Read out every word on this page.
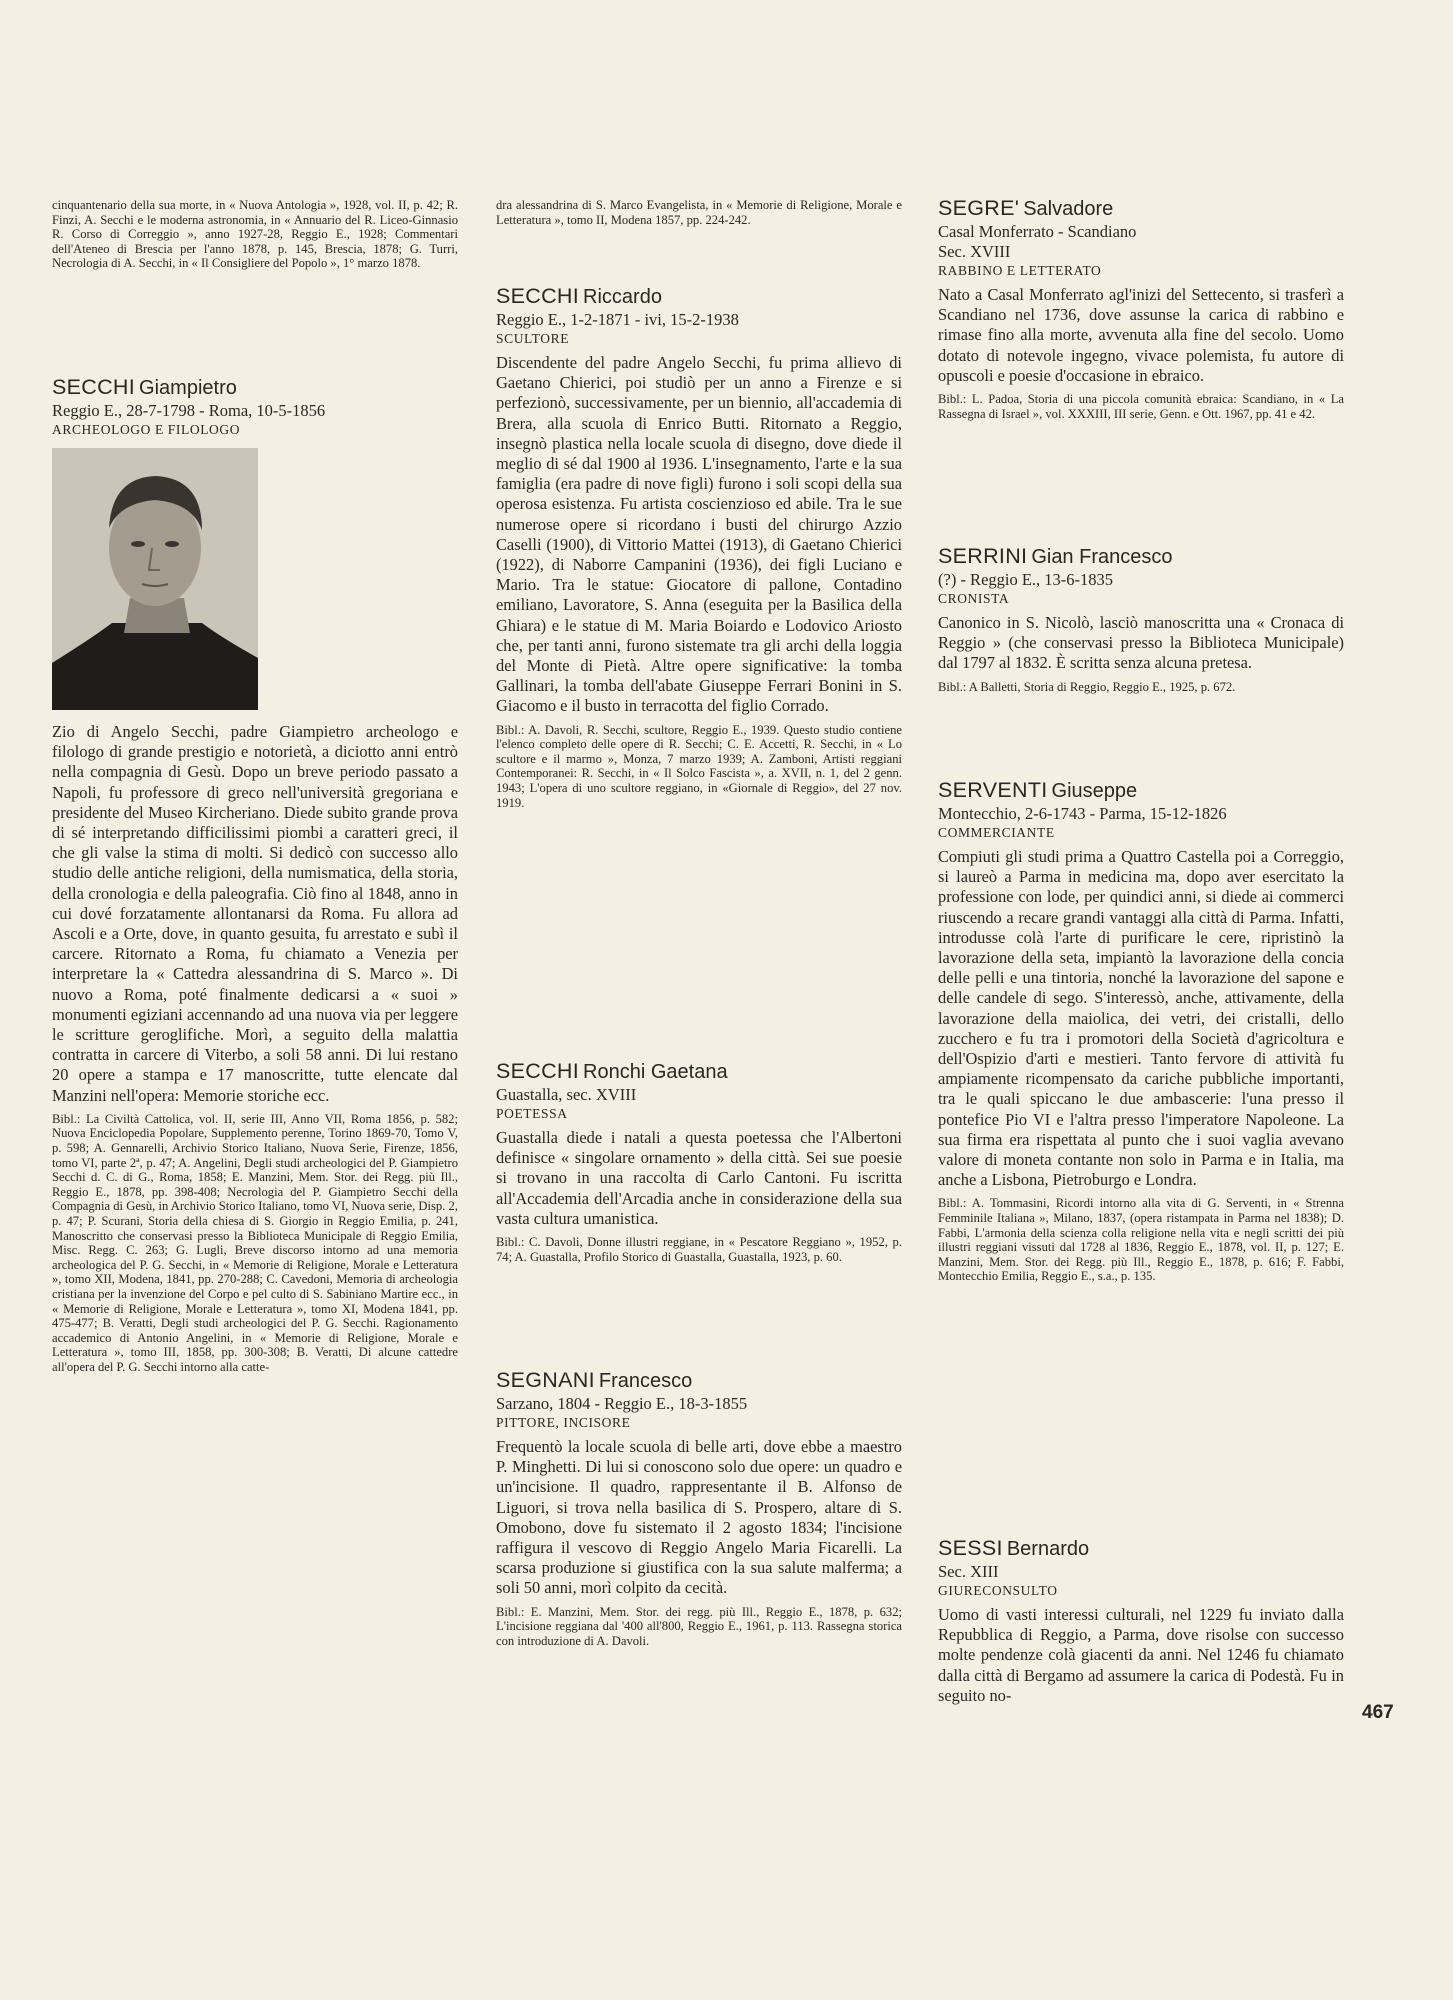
cinquantenario della sua morte, in « Nuova Antologia », 1928, vol. II, p. 42; R. Finzi, A. Secchi e le moderna astronomia, in « Annuario del R. Liceo-Ginnasio R. Corso di Correggio », anno 1927-28, Reggio E., 1928; Commentari dell'Ateneo di Brescia per l'anno 1878, p. 145, Brescia, 1878; G. Turri, Necrologia di A. Secchi, in « Il Consigliere del Popolo », 1° marzo 1878.

SECCHI Giampietro

Reggio E., 28-7-1798 - Roma, 10-5-1856

ARCHEOLOGO E FILOLOGO

Zio di Angelo Secchi, padre Giampietro archeologo e filologo di grande prestigio e notorietà, a diciotto anni entrò nella compagnia di Gesù. Dopo un breve periodo passato a Napoli, fu professore di greco nell'università gregoriana e presidente del Museo Kircheriano. Diede subito grande prova di sé interpretando difficilissimi piombi a caratteri greci, il che gli valse la stima di molti. Si dedicò con successo allo studio delle antiche religioni, della numismatica, della storia, della cronologia e della paleografia. Ciò fino al 1848, anno in cui dové forzatamente allontanarsi da Roma. Fu allora ad Ascoli e a Orte, dove, in quanto gesuita, fu arrestato e subì il carcere. Ritornato a Roma, fu chiamato a Venezia per interpretare la « Cattedra alessandrina di S. Marco ». Di nuovo a Roma, poté finalmente dedicarsi a « suoi » monumenti egiziani accennando ad una nuova via per leggere le scritture geroglifiche. Morì, a seguito della malattia contratta in carcere di Viterbo, a soli 58 anni. Di lui restano 20 opere a stampa e 17 manoscritte, tutte elencate dal Manzini nell'opera: Memorie storiche ecc.

Bibl.: La Civiltà Cattolica, vol. II, serie III, Anno VII, Roma 1856, p. 582; Nuova Enciclopedia Popolare, Supplemento perenne, Torino 1869-70, Tomo V, p. 598; A. Gennarelli, Archivio Storico Italiano, Nuova Serie, Firenze, 1856, tomo VI, parte 2ª, p. 47; A. Angelini, Degli studi archeologici del P. Giampietro Secchi d. C. di G., Roma, 1858; E. Manzini, Mem. Stor. dei Regg. più Ill., Reggio E., 1878, pp. 398-408; Necrologia del P. Giampietro Secchi della Compagnia di Gesù, in Archivio Storico Italiano, tomo VI, Nuova serie, Disp. 2, p. 47; P. Scurani, Storia della chiesa di S. Giorgio in Reggio Emilia, p. 241, Manoscritto che conservasi presso la Biblioteca Municipale di Reggio Emilia, Misc. Regg. C. 263; G. Lugli, Breve discorso intorno ad una memoria archeologica del P. G. Secchi, in « Memorie di Religione, Morale e Letteratura », tomo XII, Modena, 1841, pp. 270-288; C. Cavedoni, Memoria di archeologia cristiana per la invenzione del Corpo e pel culto di S. Sabiniano Martire ecc., in « Memorie di Religione, Morale e Letteratura », tomo XI, Modena 1841, pp. 475-477; B. Veratti, Degli studi archeologici del P. G. Secchi. Ragionamento accademico di Antonio Angelini, in « Memorie di Religione, Morale e Letteratura », tomo III, 1858, pp. 300-308; B. Veratti, Di alcune cattedre all'opera del P. G. Secchi intorno alla catte-

dra alessandrina di S. Marco Evangelista, in « Memorie di Religione, Morale e Letteratura », tomo II, Modena 1857, pp. 224-242.

SECCHI Riccardo

Reggio E., 1-2-1871 - ivi, 15-2-1938

SCULTORE

Discendente del padre Angelo Secchi, fu prima allievo di Gaetano Chierici, poi studiò per un anno a Firenze e si perfezionò, successivamente, per un biennio, all'accademia di Brera, alla scuola di Enrico Butti. Ritornato a Reggio, insegnò plastica nella locale scuola di disegno, dove diede il meglio di sé dal 1900 al 1936. L'insegnamento, l'arte e la sua famiglia (era padre di nove figli) furono i soli scopi della sua operosa esistenza. Fu artista coscienzioso ed abile. Tra le sue numerose opere si ricordano i busti del chirurgo Azzio Caselli (1900), di Vittorio Mattei (1913), di Gaetano Chierici (1922), di Naborre Campanini (1936), dei figli Luciano e Mario. Tra le statue: Giocatore di pallone, Contadino emiliano, Lavoratore, S. Anna (eseguita per la Basilica della Ghiara) e le statue di M. Maria Boiardo e Lodovico Ariosto che, per tanti anni, furono sistemate tra gli archi della loggia del Monte di Pietà. Altre opere significative: la tomba Gallinari, la tomba dell'abate Giuseppe Ferrari Bonini in S. Giacomo e il busto in terracotta del figlio Corrado.

Bibl.: A. Davoli, R. Secchi, scultore, Reggio E., 1939. Questo studio contiene l'elenco completo delle opere di R. Secchi; C. E. Accetti, R. Secchi, in « Lo scultore e il marmo », Monza, 7 marzo 1939; A. Zamboni, Artisti reggiani Contemporanei: R. Secchi, in « Il Solco Fascista », a. XVII, n. 1, del 2 genn. 1943; L'opera di uno scultore reggiano, in «Giornale di Reggio», del 27 nov. 1919.

SECCHI Ronchi Gaetana

Guastalla, sec. XVIII

POETESSA

Guastalla diede i natali a questa poetessa che l'Albertoni definisce « singolare ornamento » della città. Sei sue poesie si trovano in una raccolta di Carlo Cantoni. Fu iscritta all'Accademia dell'Arcadia anche in considerazione della sua vasta cultura umanistica.

Bibl.: C. Davoli, Donne illustri reggiane, in « Pescatore Reggiano », 1952, p. 74; A. Guastalla, Profilo Storico di Guastalla, Guastalla, 1923, p. 60.

SEGNANI Francesco

Sarzano, 1804 - Reggio E., 18-3-1855

PITTORE, INCISORE

Frequentò la locale scuola di belle arti, dove ebbe a maestro P. Minghetti. Di lui si conoscono solo due opere: un quadro e un'incisione. Il quadro, rappresentante il B. Alfonso de Liguori, si trova nella basilica di S. Prospero, altare di S. Omobono, dove fu sistemato il 2 agosto 1834; l'incisione raffigura il vescovo di Reggio Angelo Maria Ficarelli. La scarsa produzione si giustifica con la sua salute malferma; a soli 50 anni, morì colpito da cecità.

Bibl.: E. Manzini, Mem. Stor. dei regg. più Ill., Reggio E., 1878, p. 632; L'incisione reggiana dal '400 all'800, Reggio E., 1961, p. 113. Rassegna storica con introduzione di A. Davoli.

SEGRE' Salvadore

Casal Monferrato - Scandiano

Sec. XVIII

RABBINO E LETTERATO

Nato a Casal Monferrato agl'inizi del Settecento, si trasferì a Scandiano nel 1736, dove assunse la carica di rabbino e rimase fino alla morte, avvenuta alla fine del secolo. Uomo dotato di notevole ingegno, vivace polemista, fu autore di opuscoli e poesie d'occasione in ebraico.

Bibl.: L. Padoa, Storia di una piccola comunità ebraica: Scandiano, in « La Rassegna di Israel », vol. XXXIII, III serie, Genn. e Ott. 1967, pp. 41 e 42.

SERRINI Gian Francesco

(?) - Reggio E., 13-6-1835

CRONISTA

Canonico in S. Nicolò, lasciò manoscritta una « Cronaca di Reggio » (che conservasi presso la Biblioteca Municipale) dal 1797 al 1832. È scritta senza alcuna pretesa.

Bibl.: A Balletti, Storia di Reggio, Reggio E., 1925, p. 672.

SERVENTI Giuseppe

Montecchio, 2-6-1743 - Parma, 15-12-1826

COMMERCIANTE

Compiuti gli studi prima a Quattro Castella poi a Correggio, si laureò a Parma in medicina ma, dopo aver esercitato la professione con lode, per quindici anni, si diede ai commerci riuscendo a recare grandi vantaggi alla città di Parma. Infatti, introdusse colà l'arte di purificare le cere, ripristinò la lavorazione della seta, impiantò la lavorazione della concia delle pelli e una tintoria, nonché la lavorazione del sapone e delle candele di sego. S'interessò, anche, attivamente, della lavorazione della maiolica, dei vetri, dei cristalli, dello zucchero e fu tra i promotori della Società d'agricoltura e dell'Ospizio d'arti e mestieri. Tanto fervore di attività fu ampiamente ricompensato da cariche pubbliche importanti, tra le quali spiccano le due ambascerie: l'una presso il pontefice Pio VI e l'altra presso l'imperatore Napoleone. La sua firma era rispettata al punto che i suoi vaglia avevano valore di moneta contante non solo in Parma e in Italia, ma anche a Lisbona, Pietroburgo e Londra.

Bibl.: A. Tommasini, Ricordi intorno alla vita di G. Serventi, in « Strenna Femminile Italiana », Milano, 1837, (opera ristampata in Parma nel 1838); D. Fabbi, L'armonia della scienza colla religione nella vita e negli scritti dei più illustri reggiani vissuti dal 1728 al 1836, Reggio E., 1878, vol. II, p. 127; E. Manzini, Mem. Stor. dei Regg. più Ill., Reggio E., 1878, p. 616; F. Fabbi, Montecchio Emilia, Reggio E., s.a., p. 135.

SESSI Bernardo

Sec. XIII

GIURECONSULTO

Uomo di vasti interessi culturali, nel 1229 fu inviato dalla Repubblica di Reggio, a Parma, dove risolse con successo molte pendenze colà giacenti da anni. Nel 1246 fu chiamato dalla città di Bergamo ad assumere la carica di Podestà. Fu in seguito no-

467
